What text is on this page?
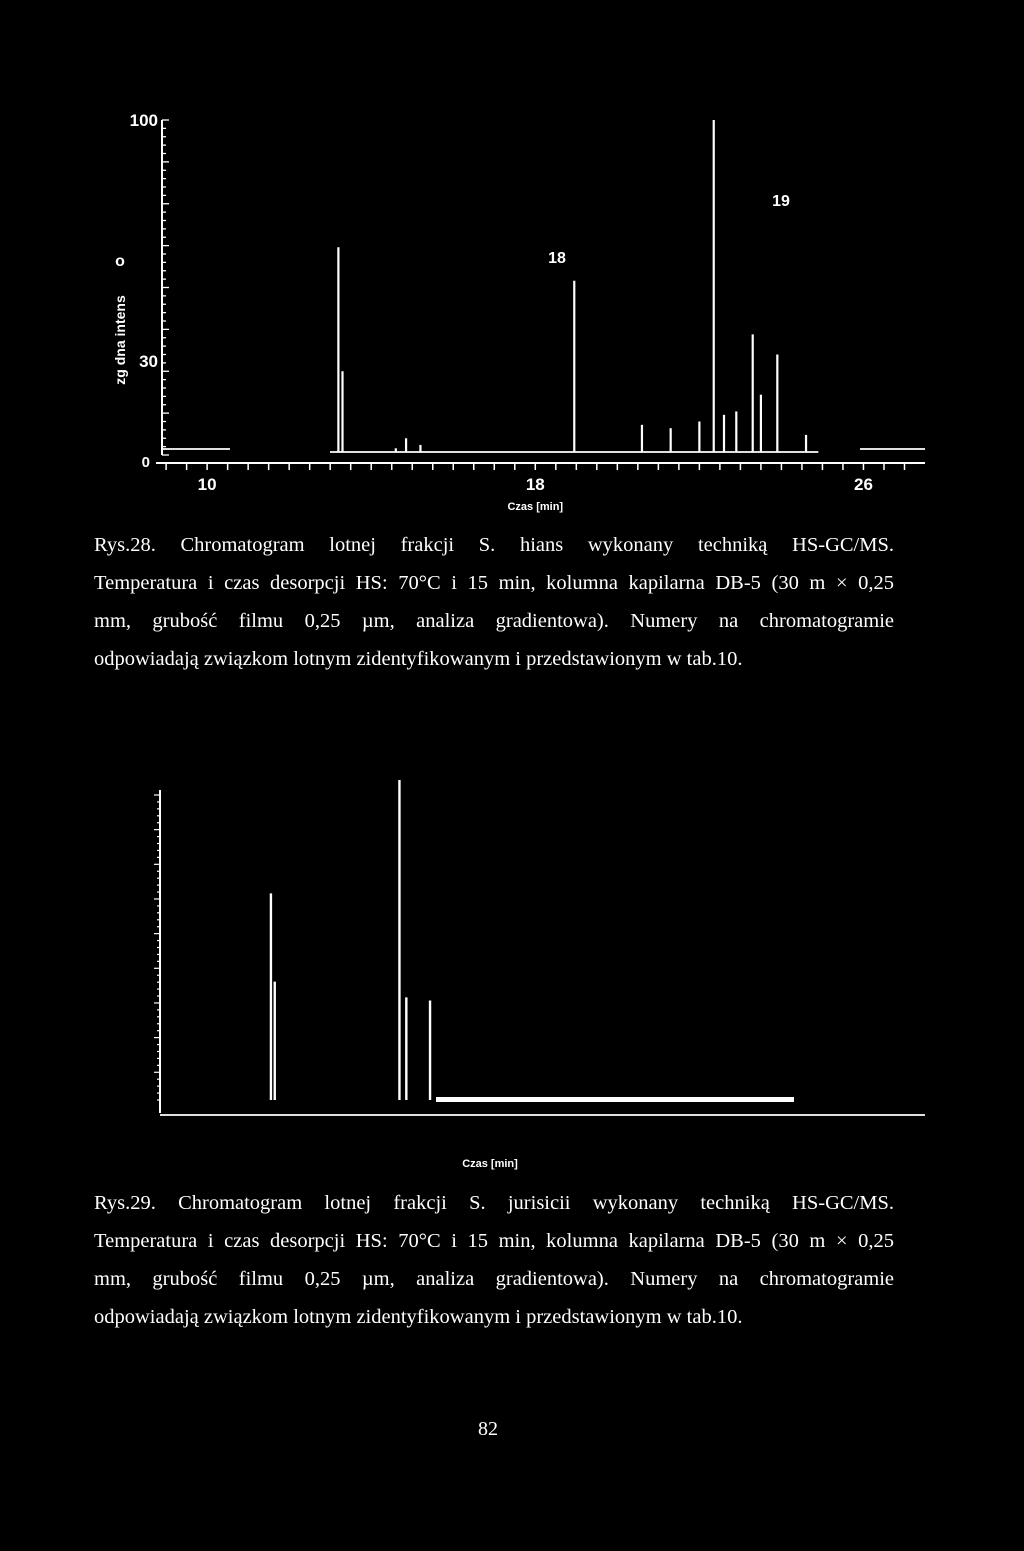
100
30
0
o
zg dna intens
10	18	26
Czas [min]
18
19

Rys.28. Chromatogram lotnej frakcji S. hians wykonany techniką HS-GC/MS.

Temperatura i czas desorpcji HS: 70°C i 15 min, kolumna kapilarna DB-5 (30 m × 0,25

mm, grubość filmu 0,25 µm, analiza gradientowa). Numery na chromatogramie

odpowiadają związkom lotnym zidentyfikowanym i przedstawionym w tab.10.

Czas [min]

Rys.29. Chromatogram lotnej frakcji S. jurisicii wykonany techniką HS-GC/MS.

Temperatura i czas desorpcji HS: 70°C i 15 min, kolumna kapilarna DB-5 (30 m × 0,25

mm, grubość filmu 0,25 µm, analiza gradientowa). Numery na chromatogramie

odpowiadają związkom lotnym zidentyfikowanym i przedstawionym w tab.10.

82
